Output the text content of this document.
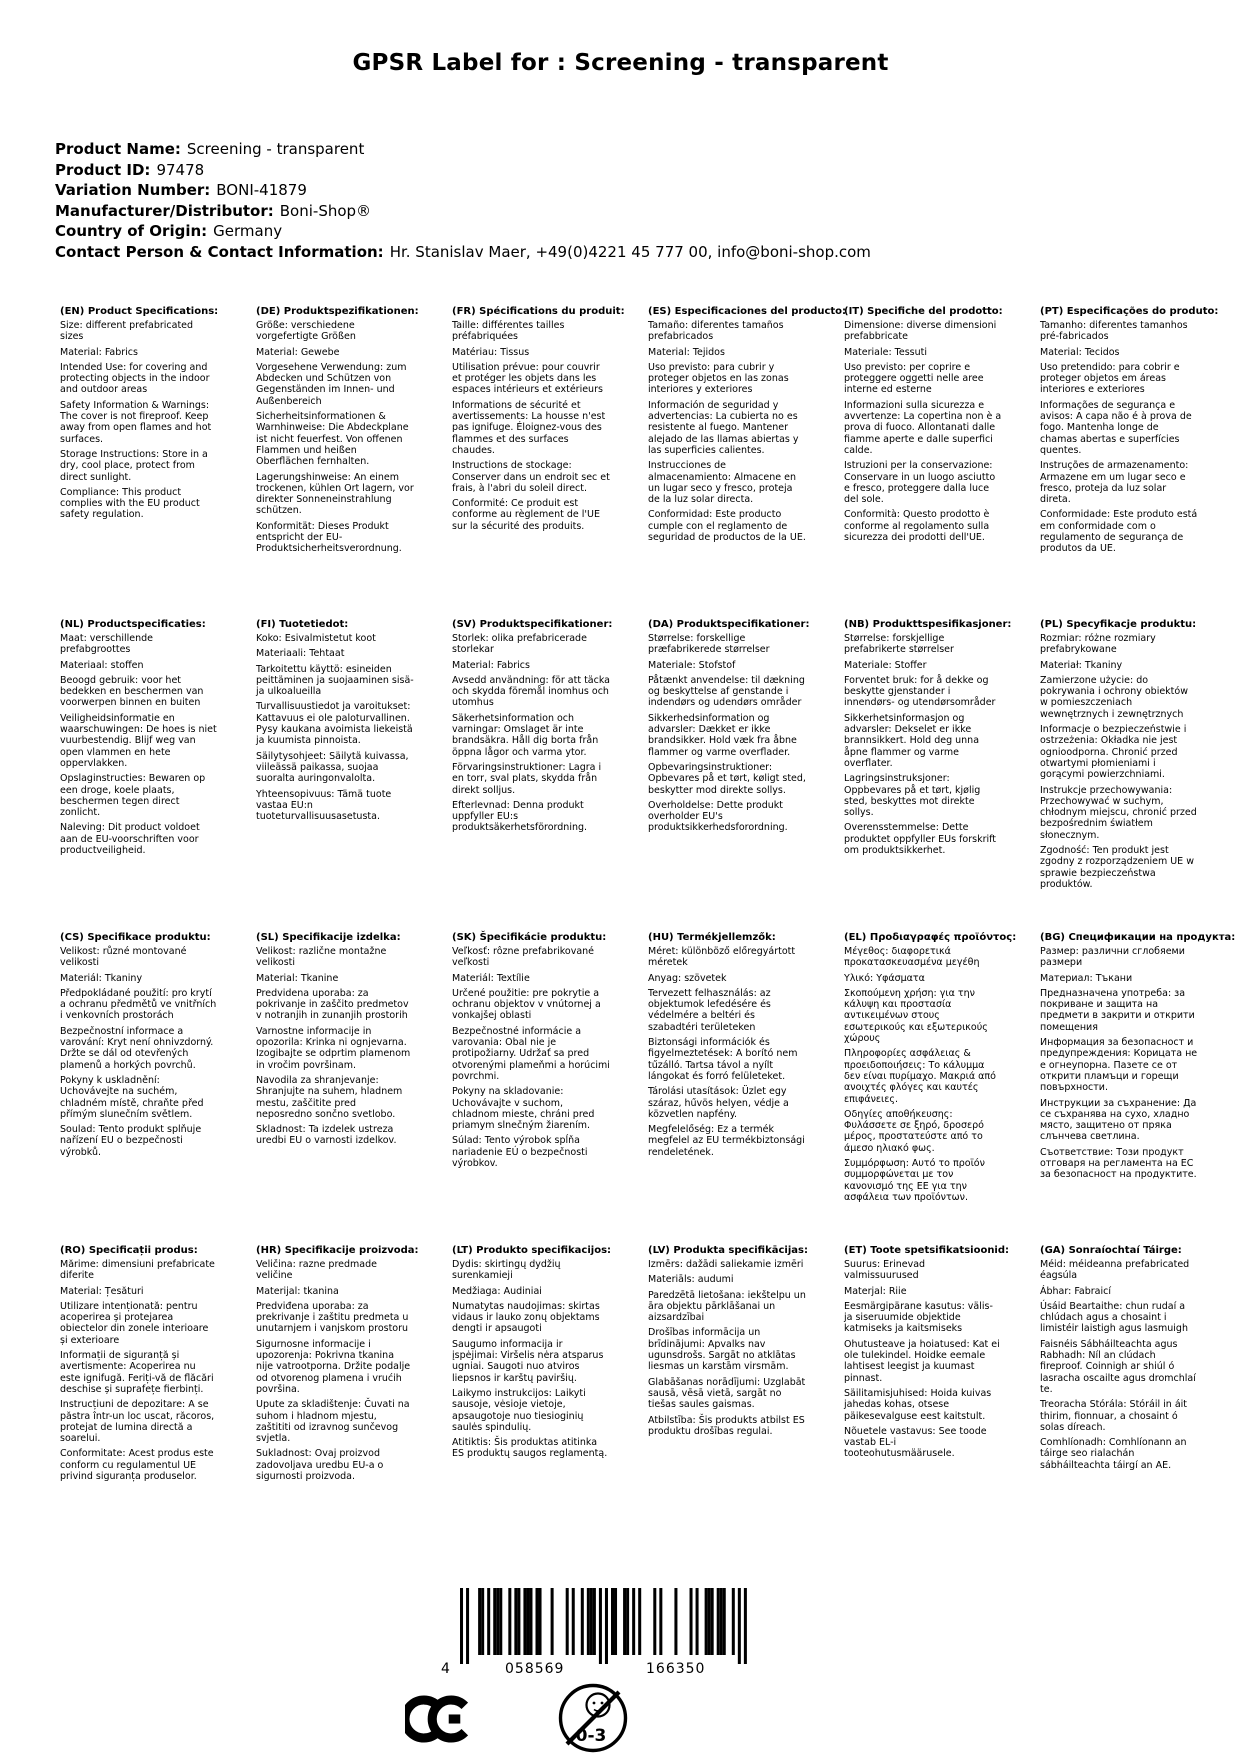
GPSR Label for : Screening - transparent
Product Name: Screening - transparent
Product ID: 97478
Variation Number: BONI-41879
Manufacturer/Distributor: Boni-Shop®
Country of Origin: Germany
Contact Person & Contact Information: Hr. Stanislav Maer, +49(0)4221 45 777 00, info@boni-shop.com
(EN) Product Specifications:
Size: different prefabricated sizes
Material: Fabrics
Intended Use: for covering and protecting objects in the indoor and outdoor areas
Safety Information & Warnings: The cover is not fireproof. Keep away from open flames and hot surfaces.
Storage Instructions: Store in a dry, cool place, protect from direct sunlight.
Compliance: This product complies with the EU product safety regulation.
(DE) Produktspezifikationen:
Größe: verschiedene vorgefertigte Größen
Material: Gewebe
Vorgesehene Verwendung: zum Abdecken und Schützen von Gegenständen im Innen- und Außenbereich
Sicherheitsinformationen & Warnhinweise: Die Abdeckplane ist nicht feuerfest. Von offenen Flammen und heißen Oberflächen fernhalten.
Lagerungshinweise: An einem trockenen, kühlen Ort lagern, vor direkter Sonneneinstrahlung schützen.
Konformität: Dieses Produkt entspricht der EU-Produktsicherheitsverordnung.
(FR) Spécifications du produit:
Taille: différentes tailles préfabriquées
Matériau: Tissus
Utilisation prévue: pour couvrir et protéger les objets dans les espaces intérieurs et extérieurs
Informations de sécurité et avertissements: La housse n'est pas ignifuge. Éloignez-vous des flammes et des surfaces chaudes.
Instructions de stockage: Conserver dans un endroit sec et frais, à l'abri du soleil direct.
Conformité: Ce produit est conforme au règlement de l'UE sur la sécurité des produits.
(ES) Especificaciones del producto:
Tamaño: diferentes tamaños prefabricados
Material: Tejidos
Uso previsto: para cubrir y proteger objetos en las zonas interiores y exteriores
Información de seguridad y advertencias: La cubierta no es resistente al fuego. Mantener alejado de las llamas abiertas y las superficies calientes.
Instrucciones de almacenamiento: Almacene en un lugar seco y fresco, proteja de la luz solar directa.
Conformidad: Este producto cumple con el reglamento de seguridad de productos de la UE.
(IT) Specifiche del prodotto:
Dimensione: diverse dimensioni prefabbricate
Materiale: Tessuti
Uso previsto: per coprire e proteggere oggetti nelle aree interne ed esterne
Informazioni sulla sicurezza e avvertenze: La copertina non è a prova di fuoco. Allontanati dalle fiamme aperte e dalle superfici calde.
Istruzioni per la conservazione: Conservare in un luogo asciutto e fresco, proteggere dalla luce del sole.
Conformità: Questo prodotto è conforme al regolamento sulla sicurezza dei prodotti dell'UE.
(PT) Especificações do produto:
Tamanho: diferentes tamanhos pré-fabricados
Material: Tecidos
Uso pretendido: para cobrir e proteger objetos em áreas interiores e exteriores
Informações de segurança e avisos: A capa não é à prova de fogo. Mantenha longe de chamas abertas e superfícies quentes.
Instruções de armazenamento: Armazene em um lugar seco e fresco, proteja da luz solar direta.
Conformidade: Este produto está em conformidade com o regulamento de segurança de produtos da UE.
(NL) Productspecificaties:
Maat: verschillende prefabgroottes
Materiaal: stoffen
Beoogd gebruik: voor het bedekken en beschermen van voorwerpen binnen en buiten
Veiligheidsinformatie en waarschuwingen: De hoes is niet vuurbestendig. Blijf weg van open vlammen en hete oppervlakken.
Opslaginstructies: Bewaren op een droge, koele plaats, beschermen tegen direct zonlicht.
Naleving: Dit product voldoet aan de EU-voorschriften voor productveiligheid.
(FI) Tuotetiedot:
Koko: Esivalmistetut koot
Materiaali: Tehtaat
Tarkoitettu käyttö: esineiden peittäminen ja suojaaminen sisä- ja ulkoalueilla
Turvallisuustiedot ja varoitukset: Kattavuus ei ole paloturvallinen. Pysy kaukana avoimista liekeistä ja kuumista pinnoista.
Säilytysohjeet: Säilytä kuivassa, viileässä paikassa, suojaa suoralta auringonvalolta.
Yhteensopivuus: Tämä tuote vastaa EU:n tuoteturvallisuusasetusta.
(SV) Produktspecifikationer:
Storlek: olika prefabricerade storlekar
Material: Fabrics
Avsedd användning: för att täcka och skydda föremål inomhus och utomhus
Säkerhetsinformation och varningar: Omslaget är inte brandsäkra. Håll dig borta från öppna lågor och varma ytor.
Förvaringsinstruktioner: Lagra i en torr, sval plats, skydda från direkt solljus.
Efterlevnad: Denna produkt uppfyller EU:s produktsäkerhetsförordning.
(DA) Produktspecifikationer:
Størrelse: forskellige præfabrikerede størrelser
Materiale: Stofstof
Påtænkt anvendelse: til dækning og beskyttelse af genstande i indendørs og udendørs områder
Sikkerhedsinformation og advarsler: Dækket er ikke brandsikker. Hold væk fra åbne flammer og varme overflader.
Opbevaringsinstruktioner: Opbevares på et tørt, køligt sted, beskytter mod direkte sollys.
Overholdelse: Dette produkt overholder EU's produktsikkerhedsforordning.
(NB) Produkttspesifikasjoner:
Størrelse: forskjellige prefabrikerte størrelser
Materiale: Stoffer
Forventet bruk: for å dekke og beskytte gjenstander i innendørs- og utendørsområder
Sikkerhetsinformasjon og advarsler: Dekselet er ikke brannsikkert. Hold deg unna åpne flammer og varme overflater.
Lagringsinstruksjoner: Oppbevares på et tørt, kjølig sted, beskyttes mot direkte sollys.
Overensstemmelse: Dette produktet oppfyller EUs forskrift om produktsikkerhet.
(PL) Specyfikacje produktu:
Rozmiar: różne rozmiary prefabrykowane
Materiał: Tkaniny
Zamierzone użycie: do pokrywania i ochrony obiektów w pomieszczeniach wewnętrznych i zewnętrznych
Informacje o bezpieczeństwie i ostrzeżenia: Okładka nie jest ognioodporna. Chronić przed otwartymi płomieniami i gorącymi powierzchniami.
Instrukcje przechowywania: Przechowywać w suchym, chłodnym miejscu, chronić przed bezpośrednim światłem słonecznym.
Zgodność: Ten produkt jest zgodny z rozporządzeniem UE w sprawie bezpieczeństwa produktów.
(CS) Specifikace produktu:
Velikost: různé montované velikosti
Materiál: Tkaniny
Předpokládané použití: pro krytí a ochranu předmětů ve vnitřních i venkovních prostorách
Bezpečnostní informace a varování: Kryt není ohnivzdorný. Držte se dál od otevřených plamenů a horkých povrchů.
Pokyny k uskladnění: Uchovávejte na suchém, chladném místě, chraňte před přímým slunečním světlem.
Soulad: Tento produkt splňuje nařízení EU o bezpečnosti výrobků.
(SL) Specifikacije izdelka:
Velikost: različne montažne velikosti
Material: Tkanine
Predvidena uporaba: za pokrivanje in zaščito predmetov v notranjih in zunanjih prostorih
Varnostne informacije in opozorila: Krinka ni ognjevarna. Izogibajte se odprtim plamenom in vročim površinam.
Navodila za shranjevanje: Shranjujte na suhem, hladnem mestu, zaščitite pred neposredno sončno svetlobo.
Skladnost: Ta izdelek ustreza uredbi EU o varnosti izdelkov.
(SK) Špecifikácie produktu:
Veľkosť: rôzne prefabrikované veľkosti
Materiál: Textílie
Určené použitie: pre pokrytie a ochranu objektov v vnútornej a vonkajšej oblasti
Bezpečnostné informácie a varovania: Obal nie je protipožiarny. Udržať sa pred otvorenými plameňmi a horúcimi povrchmi.
Pokyny na skladovanie: Uchovávajte v suchom, chladnom mieste, chráni pred priamym slnečným žiarením.
Súlad: Tento výrobok spĺňa nariadenie EÚ o bezpečnosti výrobkov.
(HU) Termékjellemzők:
Méret: különböző előregyártott méretek
Anyag: szövetek
Tervezett felhasználás: az objektumok lefedésére és védelmére a beltéri és szabadtéri területeken
Biztonsági információk és figyelmeztetések: A borító nem tűzálló. Tartsa távol a nyílt lángokat és forró felületeket.
Tárolási utasítások: Üzlet egy száraz, hűvös helyen, védje a közvetlen napfény.
Megfelelőség: Ez a termék megfelel az EU termékbiztonsági rendeletének.
(EL) Προδιαγραφές προϊόντος:
Μέγεθος: διαφορετικά προκατασκευασμένα μεγέθη
Υλικό: Υφάσματα
Σκοπούμενη χρήση: για την κάλυψη και προστασία αντικειμένων στους εσωτερικούς και εξωτερικούς χώρους
Πληροφορίες ασφάλειας & προειδοποιήσεις: Το κάλυμμα δεν είναι πυρίμαχο. Μακριά από ανοιχτές φλόγες και καυτές επιφάνειες.
Οδηγίες αποθήκευσης: Φυλάσσετε σε ξηρό, δροσερό μέρος, προστατεύστε από το άμεσο ηλιακό φως.
Συμμόρφωση: Αυτό το προϊόν συμμορφώνεται με τον κανονισμό της ΕΕ για την ασφάλεια των προϊόντων.
(BG) Спецификации на продукта:
Размер: различни сглобяеми размери
Материал: Тъкани
Предназначена употреба: за покриване и защита на предмети в закрити и открити помещения
Информация за безопасност и предупреждения: Корицата не е огнеупорна. Пазете се от открити пламъци и горещи повърхности.
Инструкции за съхранение: Да се съхранява на сухо, хладно място, защитено от пряка слънчева светлина.
Съответствие: Този продукт отговаря на регламента на ЕС за безопасност на продуктите.
(RO) Specificații produs:
Mărime: dimensiuni prefabricate diferite
Material: Țesături
Utilizare intenționată: pentru acoperirea și protejarea obiectelor din zonele interioare și exterioare
Informații de siguranță și avertismente: Acoperirea nu este ignifugă. Feriți-vă de flăcări deschise și suprafețe fierbinți.
Instrucțiuni de depozitare: A se păstra într-un loc uscat, răcoros, protejat de lumina directă a soarelui.
Conformitate: Acest produs este conform cu regulamentul UE privind siguranța produselor.
(HR) Specifikacije proizvoda:
Veličina: razne predmade veličine
Materijal: tkanina
Predviđena uporaba: za prekrivanje i zaštitu predmeta u unutarnjem i vanjskom prostoru
Sigurnosne informacije i upozorenja: Pokrivna tkanina nije vatrootporna. Držite podalje od otvorenog plamena i vrućih površina.
Upute za skladištenje: Čuvati na suhom i hladnom mjestu, zaštititi od izravnog sunčevog svjetla.
Sukladnost: Ovaj proizvod zadovoljava uredbu EU-a o sigurnosti proizvoda.
(LT) Produkto specifikacijos:
Dydis: skirtingų dydžių surenkamieji
Medžiaga: Audiniai
Numatytas naudojimas: skirtas vidaus ir lauko zonų objektams dengti ir apsaugoti
Saugumo informacija ir įspėjimai: Viršelis nėra atsparus ugniai. Saugoti nuo atviros liepsnos ir karštų paviršių.
Laikymo instrukcijos: Laikyti sausoje, vėsioje vietoje, apsaugotoje nuo tiesioginių saulės spindulių.
Atitiktis: Šis produktas atitinka ES produktų saugos reglamentą.
(LV) Produkta specifikācijas:
Izmērs: dažādi saliekamie izmēri
Materiāls: audumi
Paredzētā lietošana: iekštelpu un āra objektu pārklāšanai un aizsardzībai
Drošības informācija un brīdinājumi: Apvalks nav ugunsdrošs. Sargāt no atklātas liesmas un karstām virsmām.
Glabāšanas norādījumi: Uzglabāt sausā, vēsā vietā, sargāt no tiešas saules gaismas.
Atbilstība: Šis produkts atbilst ES produktu drošības regulai.
(ET) Toote spetsifikatsioonid:
Suurus: Erinevad valmissuurused
Materjal: Riie
Eesmärgipärane kasutus: välis- ja siseruumide objektide katmiseks ja kaitsmiseks
Ohutusteave ja hoiatused: Kat ei ole tulekindel. Hoidke eemale lahtisest leegist ja kuumast pinnast.
Säilitamisjuhised: Hoida kuivas jahedas kohas, otsese päikesevalguse eest kaitstult.
Nõuetele vastavus: See toode vastab EL-i tooteohutusmäärusele.
(GA) Sonraíochtaí Táirge:
Méid: méideanna prefabricated éagsúla
Ábhar: Fabraicí
Úsáid Beartaithe: chun rudaí a chlúdach agus a chosaint i limistéir laistigh agus lasmuigh
Faisnéis Sábháilteachta agus Rabhadh: Níl an clúdach fireproof. Coinnigh ar shiúl ó lasracha oscailte agus dromchlaí te.
Treoracha Stórála: Stóráil in áit thirim, fionnuar, a chosaint ó solas díreach.
Comhlíonadh: Comhlíonann an táirge seo rialachán sábháilteachta táirgí an AE.
4	058569	166350
0-3
